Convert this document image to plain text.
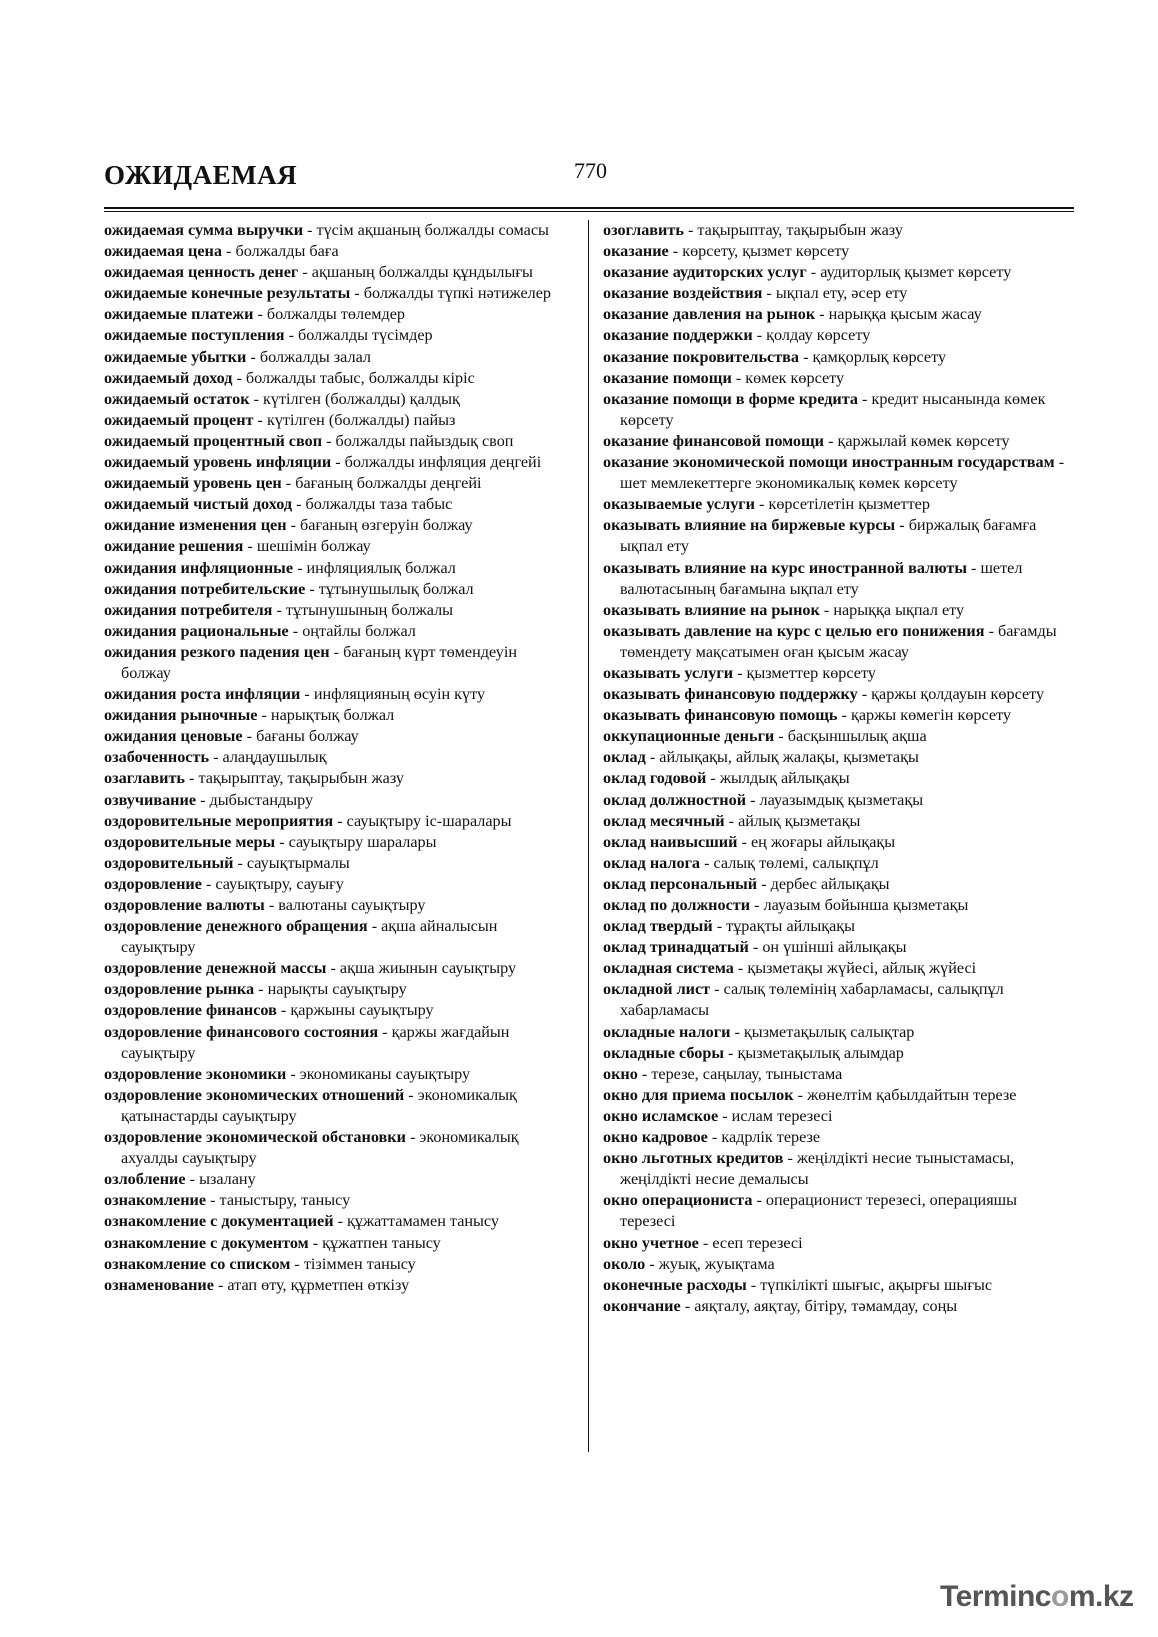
ОЖИДАЕМАЯ	770
ожидаемая сумма выручки - түсім ақшаның болжалды сомасы
ожидаемая цена - болжалды баға
ожидаемая ценность денег - ақшаның болжалды құндылығы
ожидаемые конечные результаты - болжалды түпкі нәтижелер
ожидаемые платежи - болжалды төлемдер
ожидаемые поступления - болжалды түсімдер
ожидаемые убытки - болжалды залал
ожидаемый доход - болжалды табыс, болжалды кіріс
ожидаемый остаток - күтілген (болжалды) қалдық
ожидаемый процент - күтілген (болжалды) пайыз
ожидаемый процентный своп - болжалды пайыздық своп
ожидаемый уровень инфляции - болжалды инфляция деңгейі
ожидаемый уровень цен - бағаның болжалды деңгейі
ожидаемый чистый доход - болжалды таза табыс
ожидание изменения цен - бағаның өзгеруін болжау
ожидание решения - шешімін болжау
ожидания инфляционные - инфляциялық болжал
ожидания потребительские - тұтынушылық болжал
ожидания потребителя - тұтынушының болжалы
ожидания рациональные - оңтайлы болжал
ожидания резкого падения цен - бағаның күрт төмендеуін болжау
ожидания роста инфляции - инфляцияның өсуін күту
ожидания рыночные - нарықтық болжал
ожидания ценовые - бағаны болжау
озабоченность - алаңдаушылық
озаглавить - тақырыптау, тақырыбын жазу
озвучивание - дыбыстандыру
оздоровительные мероприятия - сауықтыру іс-шаралары
оздоровительные меры - сауықтыру шаралары
оздоровительный - сауықтырмалы
оздоровление - сауықтыру, сауығу
оздоровление валюты - валютаны сауықтыру
оздоровление денежного обращения - ақша айналысын сауықтыру
оздоровление денежной массы - ақша жиынын сауықтыру
оздоровление рынка - нарықты сауықтыру
оздоровление финансов - қаржыны сауықтыру
оздоровление финансового состояния - қаржы жағдайын сауықтыру
оздоровление экономики - экономиканы сауықтыру
оздоровление экономических отношений - экономикалық қатынастарды сауықтыру
оздоровление экономической обстановки - экономикалық ахуалды сауықтыру
озлобление - ызалану
ознакомление - таныстыру, танысу
ознакомление с документацией - құжаттамамен танысу
ознакомление с документом - құжатпен танысу
ознакомление со списком - тізіммен танысу
ознаменование - атап өту, құрметпен өткізу
озоглавить - тақырыптау, тақырыбын жазу
оказание - көрсету, қызмет көрсету
оказание аудиторских услуг - аудиторлық қызмет көрсету
оказание воздействия - ықпал ету, әсер ету
оказание давления на рынок - нарыққа қысым жасау
оказание поддержки - қолдау көрсету
оказание покровительства - қамқорлық көрсету
оказание помощи - көмек көрсету
оказание помощи в форме кредита - кредит нысанында көмек көрсету
оказание финансовой помощи - қаржылай көмек көрсету
оказание экономической помощи иностранным государствам - шет мемлекеттерге экономикалық көмек көрсету
оказываемые услуги - көрсетілетін қызметтер
оказывать влияние на биржевые курсы - биржалық бағамға ықпал ету
оказывать влияние на курс иностранной валюты - шетел валютасының бағамына ықпал ету
оказывать влияние на рынок - нарыққа ықпал ету
оказывать давление на курс с целью его понижения - бағамды төмендету мақсатымен оған қысым жасау
оказывать услуги - қызметтер көрсету
оказывать финансовую поддержку - қаржы қолдауын көрсету
оказывать финансовую помощь - қаржы көмегін көрсету
оккупационные деньги - басқыншылық ақша
оклад - айлықақы, айлық жалақы, қызметақы
оклад годовой - жылдық айлықақы
оклад должностной - лауазымдық қызметақы
оклад месячный - айлық қызметақы
оклад наивысший - ең жоғары айлықақы
оклад налога - салық төлемі, салықпұл
оклад персональный - дербес айлықақы
оклад по должности - лауазым бойынша қызметақы
оклад твердый - тұрақты айлықақы
оклад тринадцатый - он үшінші айлықақы
окладная система - қызметақы жүйесі, айлық жүйесі
окладной лист - салық төлемінің хабарламасы, салықпұл хабарламасы
окладные налоги - қызметақылық салықтар
окладные сборы - қызметақылық алымдар
окно - терезе, саңылау, тыныстама
окно для приема посылок - жөнелтім қабылдайтын терезе
окно исламское - ислам терезесі
окно кадровое - кадрлік терезе
окно льготных кредитов - жеңілдікті несие тыныстамасы, жеңілдікті несие демалысы
окно операциониста - операционист терезесі, операцияшы терезесі
окно учетное - есеп терезесі
около - жуық, жуықтама
оконечные расходы - түпкілікті шығыс, ақырғы шығыс
окончание - аяқталу, аяқтау, бітіру, тәмамдау, соңы
Termincom.kz
